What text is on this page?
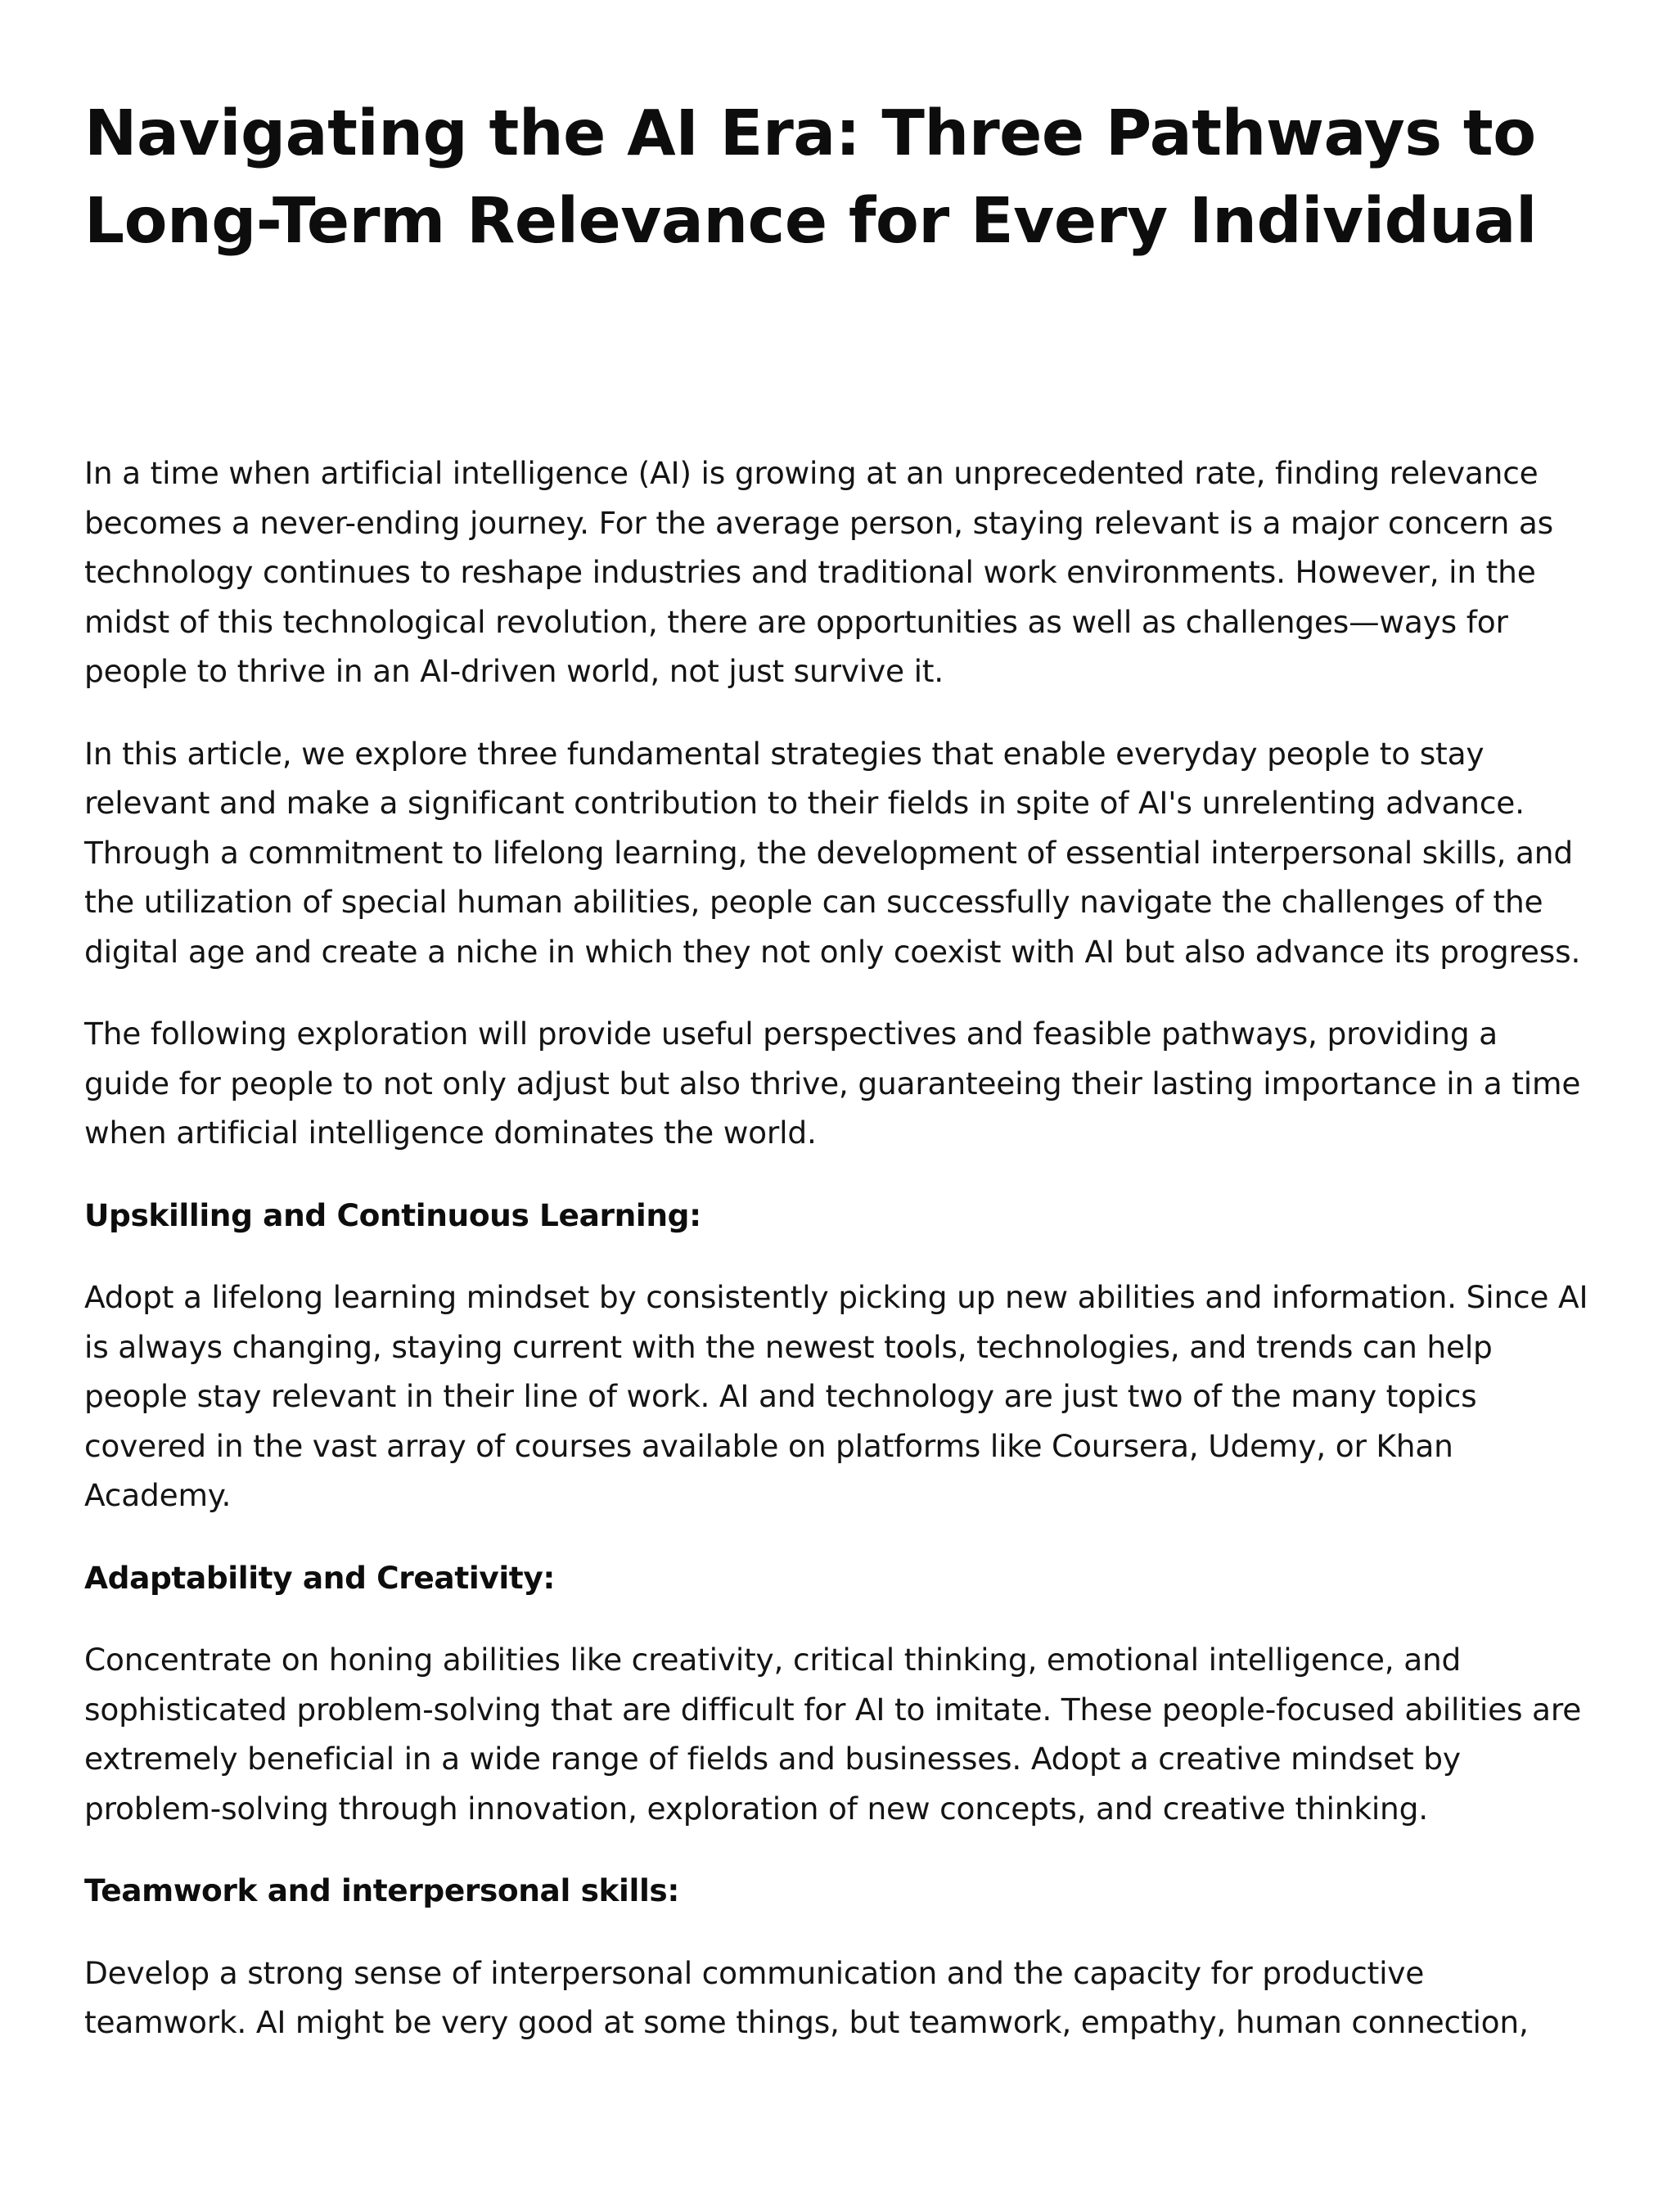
Navigating the AI Era: Three Pathways to Long-Term Relevance for Every Individual

In a time when artificial intelligence (AI) is growing at an unprecedented rate, finding relevance becomes a never-ending journey. For the average person, staying relevant is a major concern as technology continues to reshape industries and traditional work environments. However, in the midst of this technological revolution, there are opportunities as well as challenges—ways for people to thrive in an AI-driven world, not just survive it.

In this article, we explore three fundamental strategies that enable everyday people to stay relevant and make a significant contribution to their fields in spite of AI's unrelenting advance. Through a commitment to lifelong learning, the development of essential interpersonal skills, and the utilization of special human abilities, people can successfully navigate the challenges of the digital age and create a niche in which they not only coexist with AI but also advance its progress.

The following exploration will provide useful perspectives and feasible pathways, providing a guide for people to not only adjust but also thrive, guaranteeing their lasting importance in a time when artificial intelligence dominates the world.

Upskilling and Continuous Learning:

Adopt a lifelong learning mindset by consistently picking up new abilities and information. Since AI is always changing, staying current with the newest tools, technologies, and trends can help people stay relevant in their line of work. AI and technology are just two of the many topics covered in the vast array of courses available on platforms like Coursera, Udemy, or Khan Academy.

Adaptability and Creativity:

Concentrate on honing abilities like creativity, critical thinking, emotional intelligence, and sophisticated problem-solving that are difficult for AI to imitate. These people-focused abilities are extremely beneficial in a wide range of fields and businesses. Adopt a creative mindset by problem-solving through innovation, exploration of new concepts, and creative thinking.

Teamwork and interpersonal skills:

Develop a strong sense of interpersonal communication and the capacity for productive teamwork. AI might be very good at some things, but teamwork, empathy, human connection,
